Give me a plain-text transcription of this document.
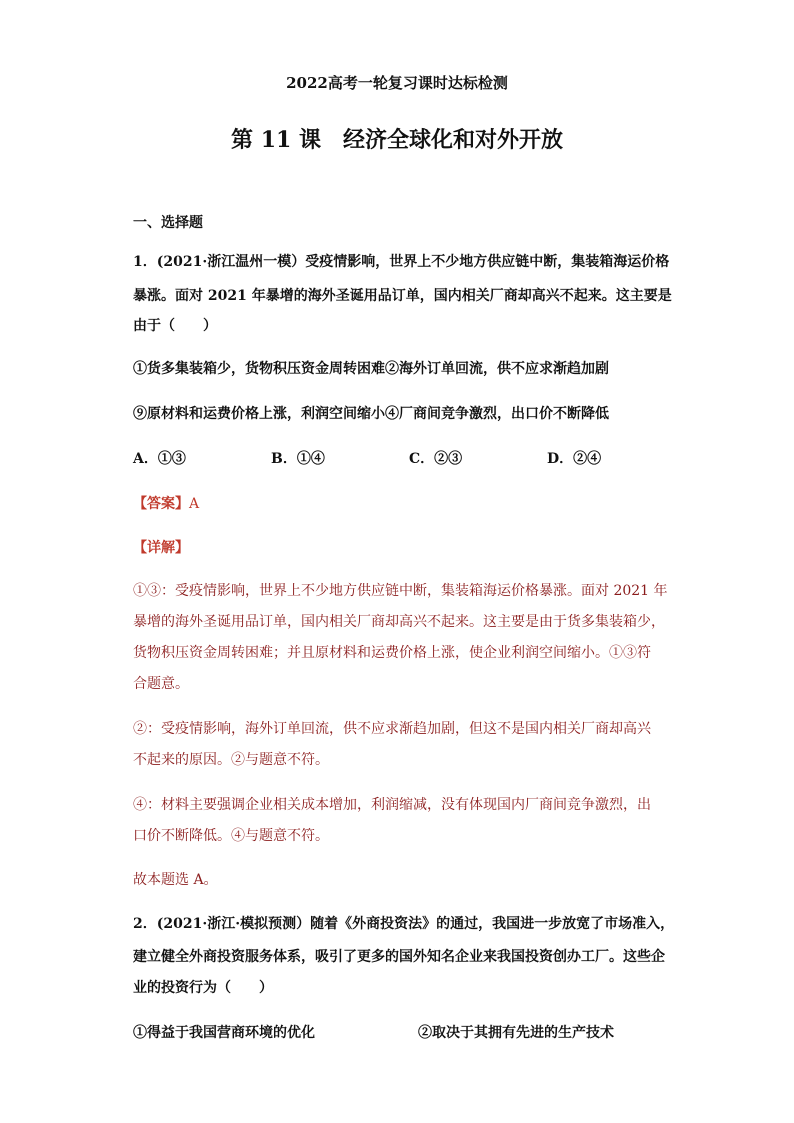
2022高考一轮复习课时达标检测
第 11 课　经济全球化和对外开放
一、选择题
1．(2021·浙江温州一模）受疫情影响，世界上不少地方供应链中断，集装箱海运价格
暴涨。面对 2021 年暴增的海外圣诞用品订单，国内相关厂商却高兴不起来。这主要是
由于（　　）
①货多集装箱少，货物积压资金周转困难②海外订单回流，供不应求渐趋加剧
⑨原材料和运费价格上涨，利润空间缩小④厂商间竞争激烈，出口价不断降低
A．①③	B．①④	C．②③	D．②④
【答案】A
【详解】
①③：受疫情影响，世界上不少地方供应链中断，集装箱海运价格暴涨。面对 2021 年
暴增的海外圣诞用品订单，国内相关厂商却高兴不起来。这主要是由于货多集装箱少，
货物积压资金周转困难；并且原材料和运费价格上涨，使企业利润空间缩小。①③符
合题意。
②：受疫情影响，海外订单回流，供不应求渐趋加剧，但这不是国内相关厂商却高兴
不起来的原因。②与题意不符。
④：材料主要强调企业相关成本增加，利润缩减，没有体现国内厂商间竞争激烈，出
口价不断降低。④与题意不符。
故本题选 A。
2．(2021·浙江·模拟预测）随着《外商投资法》的通过，我国进一步放宽了市场准入，
建立健全外商投资服务体系，吸引了更多的国外知名企业来我国投资创办工厂。这些企
业的投资行为（　　）
①得益于我国营商环境的优化	②取决于其拥有先进的生产技术
